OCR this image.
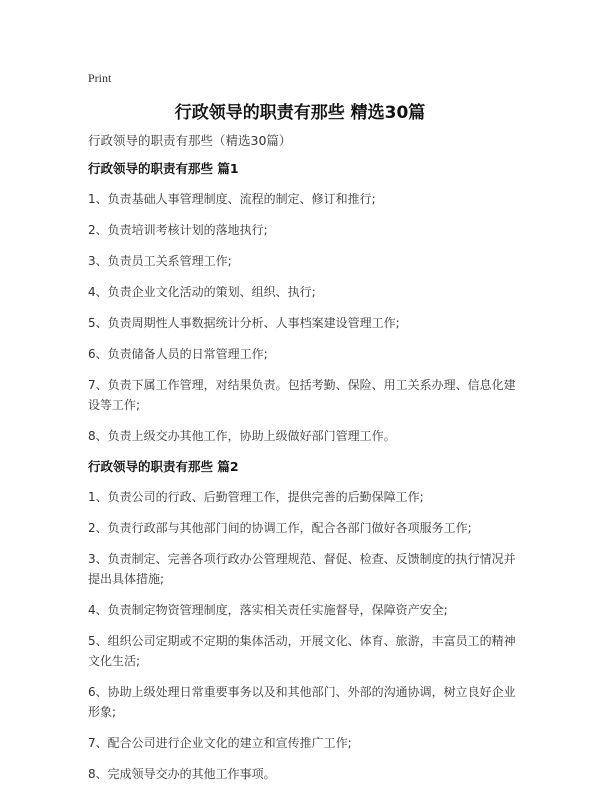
Print
行政领导的职责有那些 精选30篇
行政领导的职责有那些（精选30篇）
行政领导的职责有那些 篇1
1、负责基础人事管理制度、流程的制定、修订和推行;
2、负责培训考核计划的落地执行;
3、负责员工关系管理工作;
4、负责企业文化活动的策划、组织、执行;
5、负责周期性人事数据统计分析、人事档案建设管理工作;
6、负责储备人员的日常管理工作;
7、负责下属工作管理，对结果负责。包括考勤、保险、用工关系办理、信息化建设等工作;
8、负责上级交办其他工作，协助上级做好部门管理工作。
行政领导的职责有那些 篇2
1、负责公司的行政、后勤管理工作，提供完善的后勤保障工作;
2、负责行政部与其他部门间的协调工作，配合各部门做好各项服务工作;
3、负责制定、完善各项行政办公管理规范、督促、检查、反馈制度的执行情况并提出具体措施;
4、负责制定物资管理制度，落实相关责任实施督导，保障资产安全;
5、组织公司定期或不定期的集体活动，开展文化、体育、旅游，丰富员工的精神文化生活;
6、协助上级处理日常重要事务以及和其他部门、外部的沟通协调，树立良好企业形象;
7、配合公司进行企业文化的建立和宣传推广工作;
8、完成领导交办的其他工作事项。
